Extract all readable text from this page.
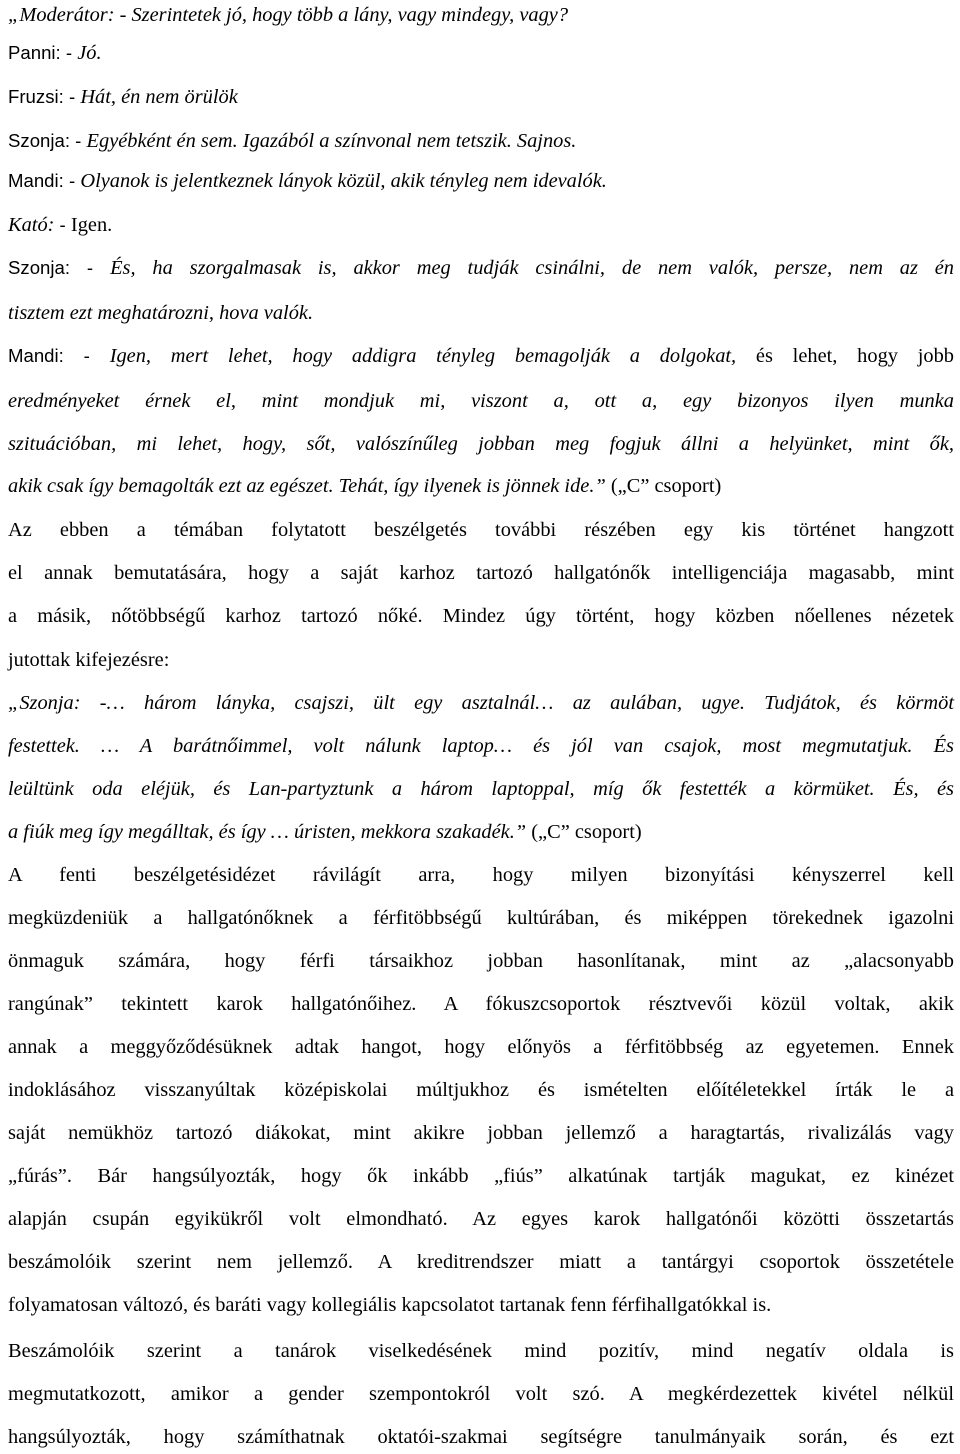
„Moderátor: - Szerintetek jó, hogy több a lány, vagy mindegy, vagy?
Panni: - Jó.
Fruzsi: - Hát, én nem örülök
Szonja: - Egyébként én sem. Igazából a színvonal nem tetszik. Sajnos.
Mandi: - Olyanok is jelentkeznek lányok közül, akik tényleg nem idevalók.
Kató: - Igen.
Szonja: - És, ha szorgalmasak is, akkor meg tudják csinálni, de nem valók, persze, nem az én
tisztem ezt meghatározni, hova valók.
Mandi: - Igen, mert lehet, hogy addigra tényleg bemagolják a dolgokat, és lehet, hogy jobb
eredményeket érnek el, mint mondjuk mi, viszont a, ott a, egy bizonyos ilyen munka
szituációban, mi lehet, hogy, sőt, valószínűleg jobban meg fogjuk állni a helyünket, mint ők,
akik csak így bemagolták ezt az egészet. Tehát, így ilyenek is jönnek ide.” („C” csoport)
Az ebben a témában folytatott beszélgetés további részében egy kis történet hangzott
el annak bemutatására, hogy a saját karhoz tartozó hallgatónők intelligenciája magasabb, mint
a másik, nőtöbbségű karhoz tartozó nőké. Mindez úgy történt, hogy közben nőellenes nézetek
jutottak kifejezésre:
„Szonja: -… három lányka, csajszi, ült egy asztalnál… az aulában, ugye. Tudjátok, és körmöt
festettek. … A barátnőimmel, volt nálunk laptop… és jól van csajok, most megmutatjuk. És
leültünk oda eléjük, és Lan-partyztunk a három laptoppal, míg ők festették a körmüket. És, és
a fiúk meg így megálltak, és így … úristen, mekkora szakadék.” („C” csoport)
A fenti beszélgetésidézet rávilágít arra, hogy milyen bizonyítási kényszerrel kell
megküzdeniük a hallgatónőknek a férfitöbbségű kultúrában, és miképpen törekednek igazolni
önmaguk számára, hogy férfi társaikhoz jobban hasonlítanak, mint az „alacsonyabb
rangúnak” tekintett karok hallgatónőihez. A fókuszcsoportok résztvevői közül voltak, akik
annak a meggyőződésüknek adtak hangot, hogy előnyös a férfitöbbség az egyetemen. Ennek
indoklásához visszanyúltak középiskolai múltjukhoz és ismételten előítéletekkel írták le a
saját nemükhöz tartozó diákokat, mint akikre jobban jellemző a haragtartás, rivalizálás vagy
„fúrás”. Bár hangsúlyozták, hogy ők inkább „fiús” alkatúnak tartják magukat, ez kinézet
alapján csupán egyikükről volt elmondható. Az egyes karok hallgatónői közötti összetartás
beszámolóik szerint nem jellemző. A kreditrendszer miatt a tantárgyi csoportok összetétele
folyamatosan változó, és baráti vagy kollegiális kapcsolatot tartanak fenn férfihallgatókkal is.
Beszámolóik szerint a tanárok viselkedésének mind pozitív, mind negatív oldala is
megmutatkozott, amikor a gender szempontokról volt szó. A megkérdezettek kivétel nélkül
hangsúlyozták, hogy számíthatnak oktatói-szakmai segítségre tanulmányaik során, és ezt
